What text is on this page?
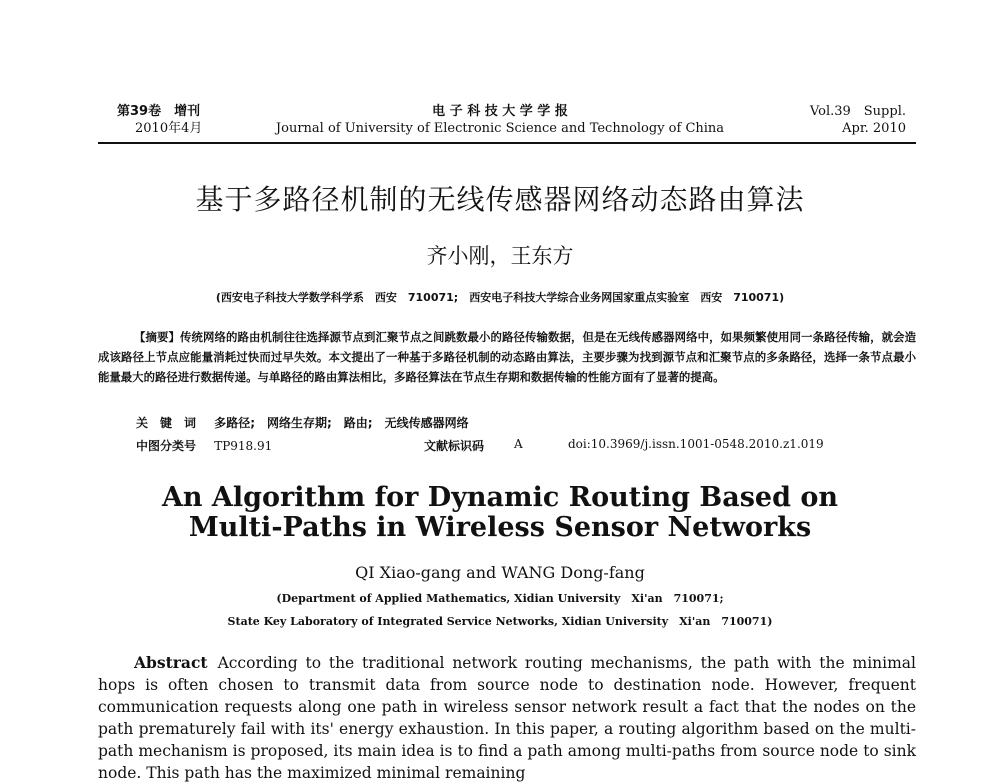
第39卷　增刊
2010年4月
电 子 科 技 大 学 学 报
Journal of University of Electronic Science and Technology of China
Vol.39　Suppl.
Apr. 2010
基于多路径机制的无线传感器网络动态路由算法
齐小刚，王东方
(西安电子科技大学数学科学系　西安　710071;　西安电子科技大学综合业务网国家重点实验室　西安　710071)
【摘要】传统网络的路由机制往往选择源节点到汇聚节点之间跳数最小的路径传输数据，但是在无线传感器网络中，如果频繁使用同一条路径传输，就会造成该路径上节点应能量消耗过快而过早失效。本文提出了一种基于多路径机制的动态路由算法，主要步骤为找到源节点和汇聚节点的多条路径，选择一条节点最小能量最大的路径进行数据传递。与单路径的路由算法相比，多路径算法在节点生存期和数据传输的性能方面有了显著的提高。
关　键　词 多路径;　网络生存期;　路由;　无线传感器网络
中图分类号 TP918.91	文献标识码 A	doi:10.3969/j.issn.1001-0548.2010.z1.019
An Algorithm for Dynamic Routing Based on
Multi-Paths in Wireless Sensor Networks
QI Xiao-gang and WANG Dong-fang
(Department of Applied Mathematics, Xidian University　Xi'an　710071;
State Key Laboratory of Integrated Service Networks, Xidian University　Xi'an　710071)
Abstract According to the traditional network routing mechanisms, the path with the minimal hops is often chosen to transmit data from source node to destination node. However, frequent communication requests along one path in wireless sensor network result a fact that the nodes on the path prematurely fail with its' energy exhaustion. In this paper, a routing algorithm based on the multi-path mechanism is proposed, its main idea is to find a path among multi-paths from source node to sink node. This path has the maximized minimal remaining
